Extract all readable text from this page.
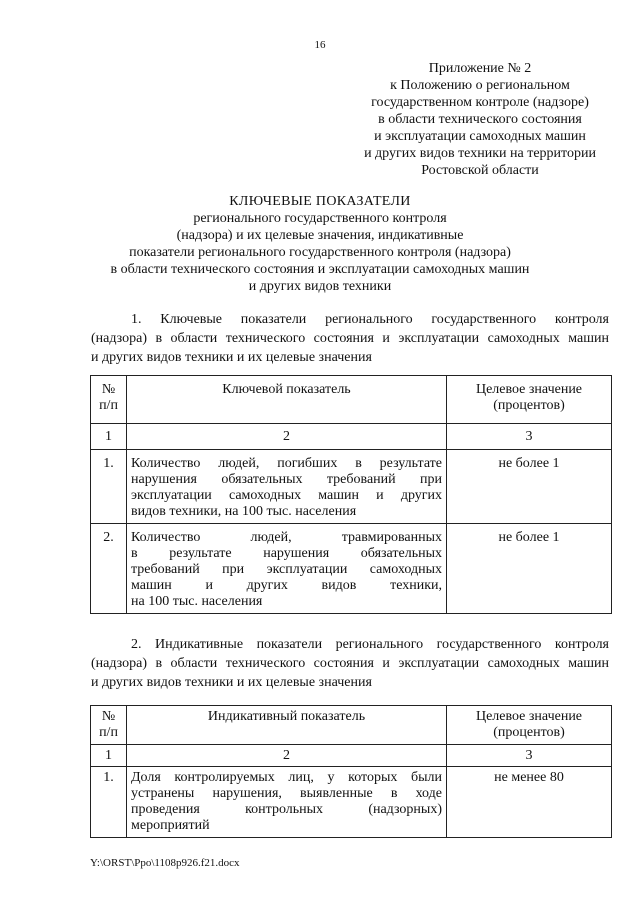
16
Приложение № 2
к Положению о региональном
государственном контроле (надзоре)
в области технического состояния
и эксплуатации самоходных машин
и других видов техники на территории
Ростовской области
КЛЮЧЕВЫЕ ПОКАЗАТЕЛИ
регионального государственного контроля
(надзора) и их целевые значения, индикативные
показатели регионального государственного контроля (надзора)
в области технического состояния и эксплуатации самоходных машин
и других видов техники
1. Ключевые показатели регионального государственного контроля
(надзора) в области технического состояния и эксплуатации самоходных машин
и других видов техники и их целевые значения
№ п/п	Ключевой показатель	Целевое значение (процентов)
1	2	3
1.	Количество людей, погибших в результате
нарушения обязательных требований при
эксплуатации самоходных машин и других
видов техники, на 100 тыс. населения	не более 1
2.	Количество людей, травмированных
в результате нарушения обязательных
требований при эксплуатации самоходных
машин и других видов техники,
на 100 тыс. населения	не более 1
2. Индикативные показатели регионального государственного контроля
(надзора) в области технического состояния и эксплуатации самоходных машин
и других видов техники и их целевые значения
№ п/п	Индикативный показатель	Целевое значение (процентов)
1	2	3
1.	Доля контролируемых лиц, у которых были
устранены нарушения, выявленные в ходе
проведения контрольных (надзорных)
мероприятий	не менее 80
Y:\ORST\Ppo\1108p926.f21.docx
